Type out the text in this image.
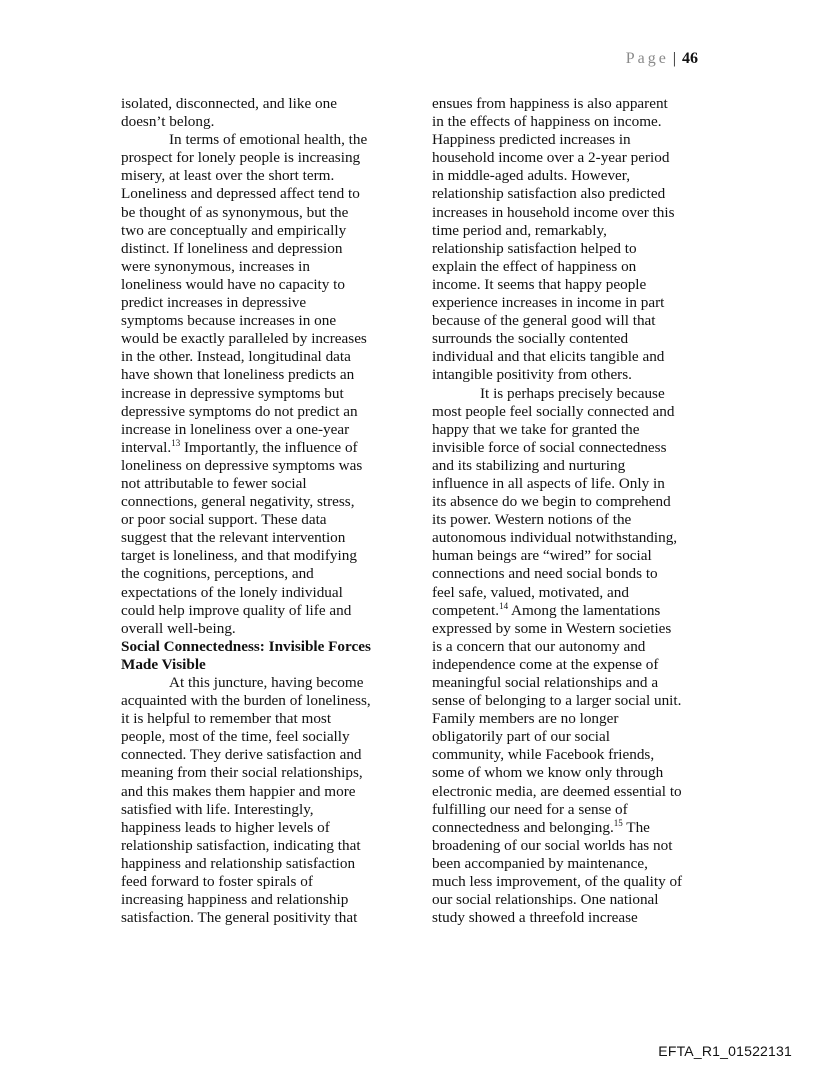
Page | 46
isolated, disconnected, and like one
doesn’t belong.
In terms of emotional health, the
prospect for lonely people is increasing
misery, at least over the short term.
Loneliness and depressed affect tend to
be thought of as synonymous, but the
two are conceptually and empirically
distinct. If loneliness and depression
were synonymous, increases in
loneliness would have no capacity to
predict increases in depressive
symptoms because increases in one
would be exactly paralleled by increases
in the other. Instead, longitudinal data
have shown that loneliness predicts an
increase in depressive symptoms but
depressive symptoms do not predict an
increase in loneliness over a one-year
interval.$^{13}$ Importantly, the influence of
loneliness on depressive symptoms was
not attributable to fewer social
connections, general negativity, stress,
or poor social support. These data
suggest that the relevant intervention
target is loneliness, and that modifying
the cognitions, perceptions, and
expectations of the lonely individual
could help improve quality of life and
overall well-being.
Social Connectedness: Invisible Forces
Made Visible
At this juncture, having become
acquainted with the burden of loneliness,
it is helpful to remember that most
people, most of the time, feel socially
connected. They derive satisfaction and
meaning from their social relationships,
and this makes them happier and more
satisfied with life. Interestingly,
happiness leads to higher levels of
relationship satisfaction, indicating that
happiness and relationship satisfaction
feed forward to foster spirals of
increasing happiness and relationship
satisfaction. The general positivity that
ensues from happiness is also apparent
in the effects of happiness on income.
Happiness predicted increases in
household income over a 2-year period
in middle-aged adults. However,
relationship satisfaction also predicted
increases in household income over this
time period and, remarkably,
relationship satisfaction helped to
explain the effect of happiness on
income. It seems that happy people
experience increases in income in part
because of the general good will that
surrounds the socially contented
individual and that elicits tangible and
intangible positivity from others.
It is perhaps precisely because
most people feel socially connected and
happy that we take for granted the
invisible force of social connectedness
and its stabilizing and nurturing
influence in all aspects of life. Only in
its absence do we begin to comprehend
its power. Western notions of the
autonomous individual notwithstanding,
human beings are “wired” for social
connections and need social bonds to
feel safe, valued, motivated, and
competent.$^{14}$ Among the lamentations
expressed by some in Western societies
is a concern that our autonomy and
independence come at the expense of
meaningful social relationships and a
sense of belonging to a larger social unit.
Family members are no longer
obligatorily part of our social
community, while Facebook friends,
some of whom we know only through
electronic media, are deemed essential to
fulfilling our need for a sense of
connectedness and belonging.$^{15}$ The
broadening of our social worlds has not
been accompanied by maintenance,
much less improvement, of the quality of
our social relationships. One national
study showed a threefold increase
EFTA_R1_01522131
